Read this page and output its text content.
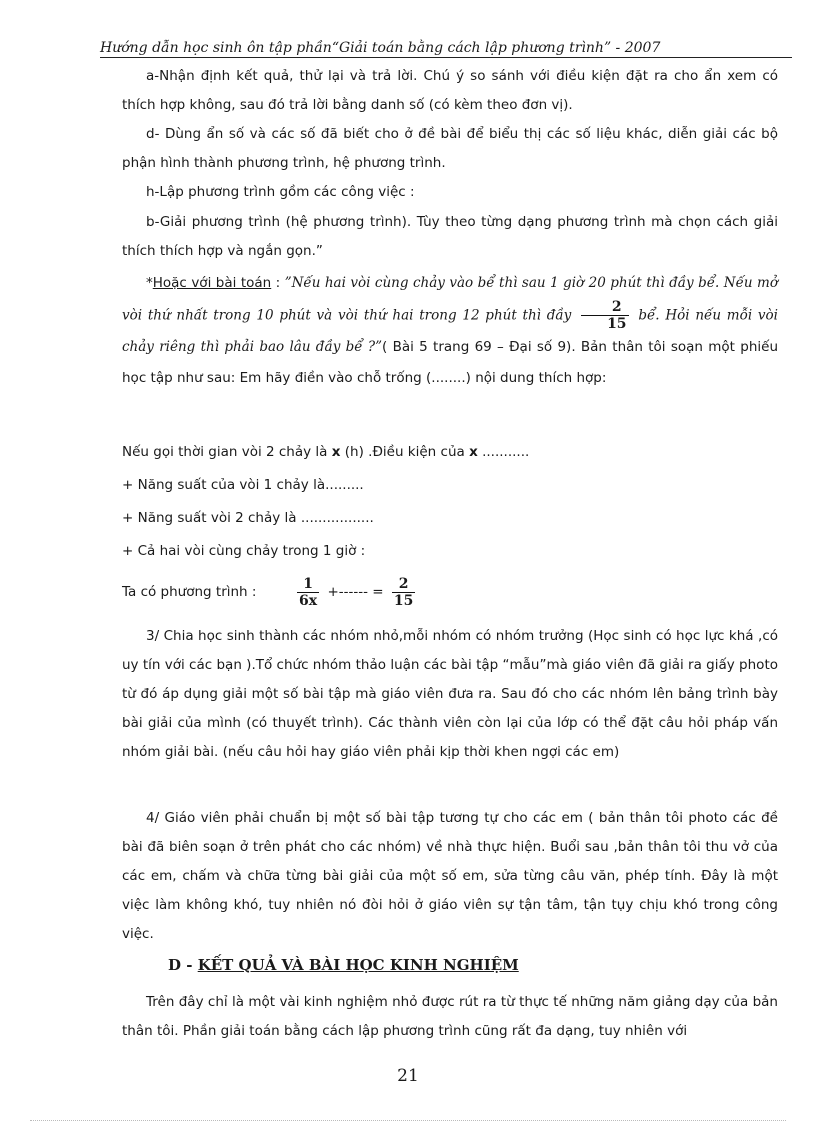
Hướng dẫn học sinh ôn tập phần“Giải toán bằng cách lập phương trình” - 2007
a-Nhận định kết quả, thử lại và trả lời. Chú ý so sánh với điều kiện đặt ra cho ẩn xem có thích hợp không, sau đó trả lời bằng danh số (có kèm theo đơn vị).
d- Dùng ẩn số và các số đã biết cho ở đề bài để biểu thị các số liệu khác, diễn giải các bộ phận hình thành phương trình, hệ phương trình.
h-Lập phương trình gồm các công việc :
b-Giải phương trình (hệ phương trình). Tùy theo từng dạng phương trình mà chọn cách giải thích thích hợp và ngắn gọn.”
*Hoặc với bài toán : ”Nếu hai vòi cùng chảy vào bể thì sau 1 giờ 20 phút thì đầy bể. Nếu mở vòi thứ nhất trong 10 phút và vòi thứ hai trong 12 phút thì đầy $\frac{2}{15}$ bể. Hỏi nếu mỗi vòi chảy riêng thì phải bao lâu đầy bể ?”( Bài 5 trang 69 – Đại số 9). Bản thân tôi soạn một phiếu học tập như sau: Em hãy điền vào chỗ trống (........) nội dung thích hợp:
Nếu gọi thời gian vòi 2 chảy là x (h) .Điều kiện của x ...........
+ Năng suất của vòi 1 chảy là.........
+ Năng suất vòi 2 chảy là .................
+ Cả hai vòi cùng chảy trong 1 giờ :
Ta có phương trình :	$\frac{1}{6x}$ +------ = $\frac{2}{15}$
3/ Chia học sinh thành các nhóm nhỏ,mỗi nhóm có nhóm trưởng (Học sinh có học lực khá ,có uy tín với các bạn ).Tổ chức nhóm thảo luận các bài tập “mẫu”mà giáo viên đã giải ra giấy photo từ đó áp dụng giải một số bài tập mà giáo viên đưa ra. Sau đó cho các nhóm lên bảng trình bày bài giải của mình (có thuyết trình). Các thành viên còn lại của lớp có thể đặt câu hỏi pháp vấn nhóm giải bài. (nếu câu hỏi hay giáo viên phải kịp thời khen ngợi các em)
4/ Giáo viên phải chuẩn bị một số bài tập tương tự cho các em ( bản thân tôi photo các đề bài đã biên soạn ở trên phát cho các nhóm) về nhà thực hiện. Buổi sau ,bản thân tôi thu vở của các em, chấm và chữa từng bài giải của một số em, sửa từng câu văn, phép tính. Đây là một việc làm không khó, tuy nhiên nó đòi hỏi ở giáo viên sự tận tâm, tận tụy chịu khó trong công việc.
D - KẾT QUẢ VÀ BÀI HỌC KINH NGHIỆM
Trên đây chỉ là một vài kinh nghiệm nhỏ được rút ra từ thực tế những năm giảng dạy của bản thân tôi. Phần giải toán bằng cách lập phương trình cũng rất đa dạng, tuy nhiên với
21
